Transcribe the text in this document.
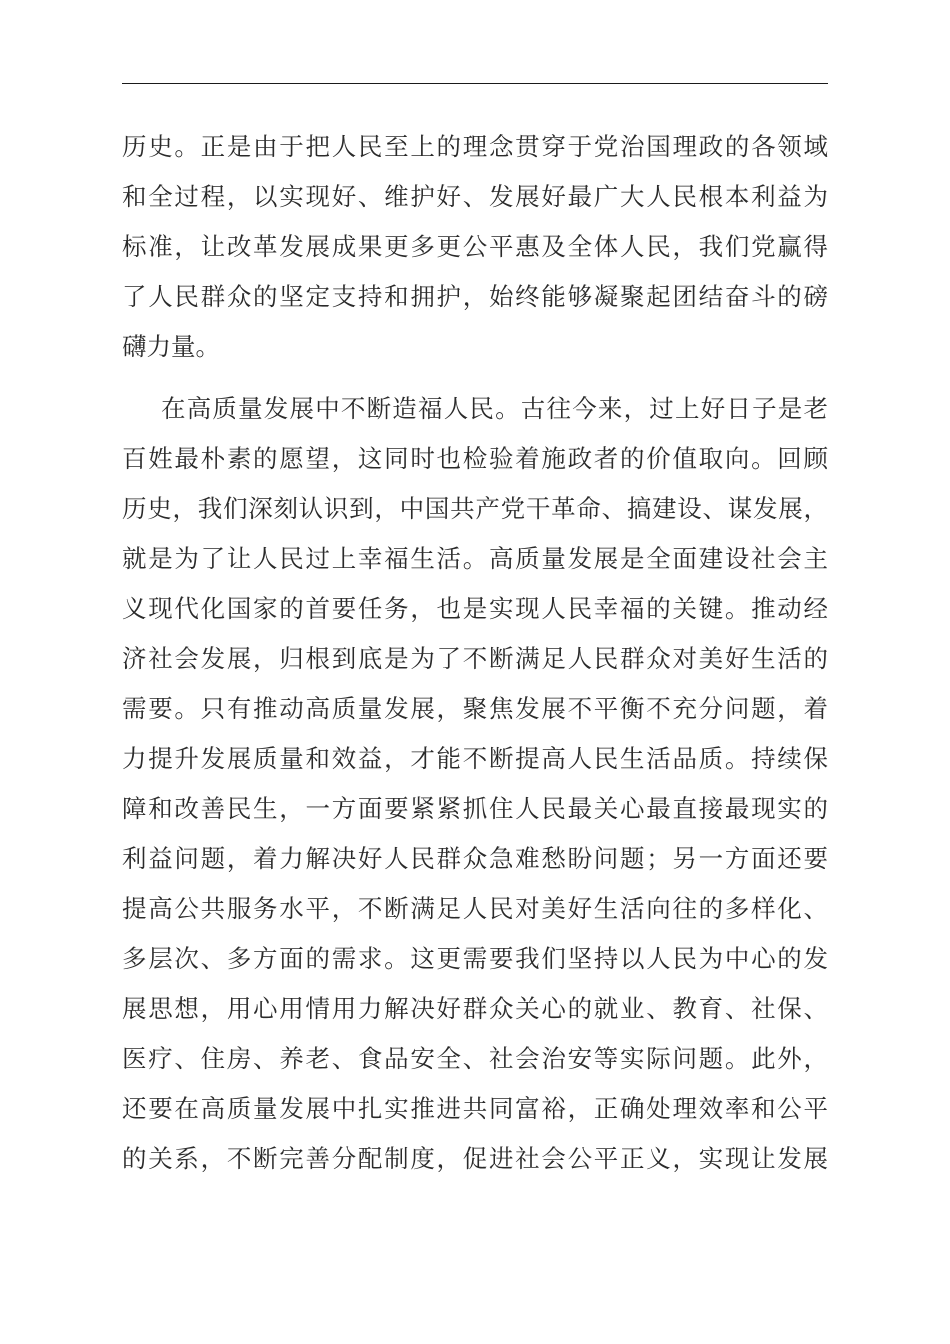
历史。正是由于把人民至上的理念贯穿于党治国理政的各领域
和全过程，以实现好、维护好、发展好最广大人民根本利益为
标准，让改革发展成果更多更公平惠及全体人民，我们党赢得
了人民群众的坚定支持和拥护，始终能够凝聚起团结奋斗的磅
礴力量。
在高质量发展中不断造福人民。古往今来，过上好日子是老
百姓最朴素的愿望，这同时也检验着施政者的价值取向。回顾
历史，我们深刻认识到，中国共产党干革命、搞建设、谋发展，
就是为了让人民过上幸福生活。高质量发展是全面建设社会主
义现代化国家的首要任务，也是实现人民幸福的关键。推动经
济社会发展，归根到底是为了不断满足人民群众对美好生活的
需要。只有推动高质量发展，聚焦发展不平衡不充分问题，着
力提升发展质量和效益，才能不断提高人民生活品质。持续保
障和改善民生，一方面要紧紧抓住人民最关心最直接最现实的
利益问题，着力解决好人民群众急难愁盼问题；另一方面还要
提高公共服务水平，不断满足人民对美好生活向往的多样化、
多层次、多方面的需求。这更需要我们坚持以人民为中心的发
展思想，用心用情用力解决好群众关心的就业、教育、社保、
医疗、住房、养老、食品安全、社会治安等实际问题。此外，
还要在高质量发展中扎实推进共同富裕，正确处理效率和公平
的关系，不断完善分配制度，促进社会公平正义，实现让发展
